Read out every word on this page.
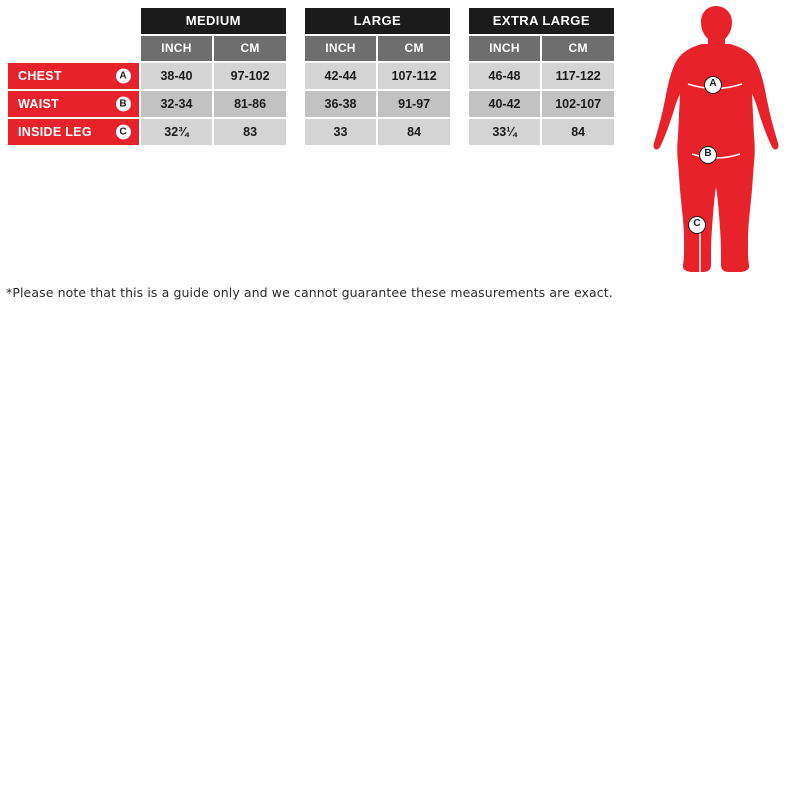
	MEDIUM			LARGE			EXTRA LARGE	
	INCH	CM		INCH	CM		INCH	CM
CHEST A	38-40	97-102		42-44	107-112		46-48	117-122
WAIST B	32-34	81-86		36-38	91-97		40-42	102-107
INSIDE LEG C	32¾	83		33	84		33¼	84
*Please note that this is a guide only and we cannot guarantee these measurements are exact.
A
B
C
